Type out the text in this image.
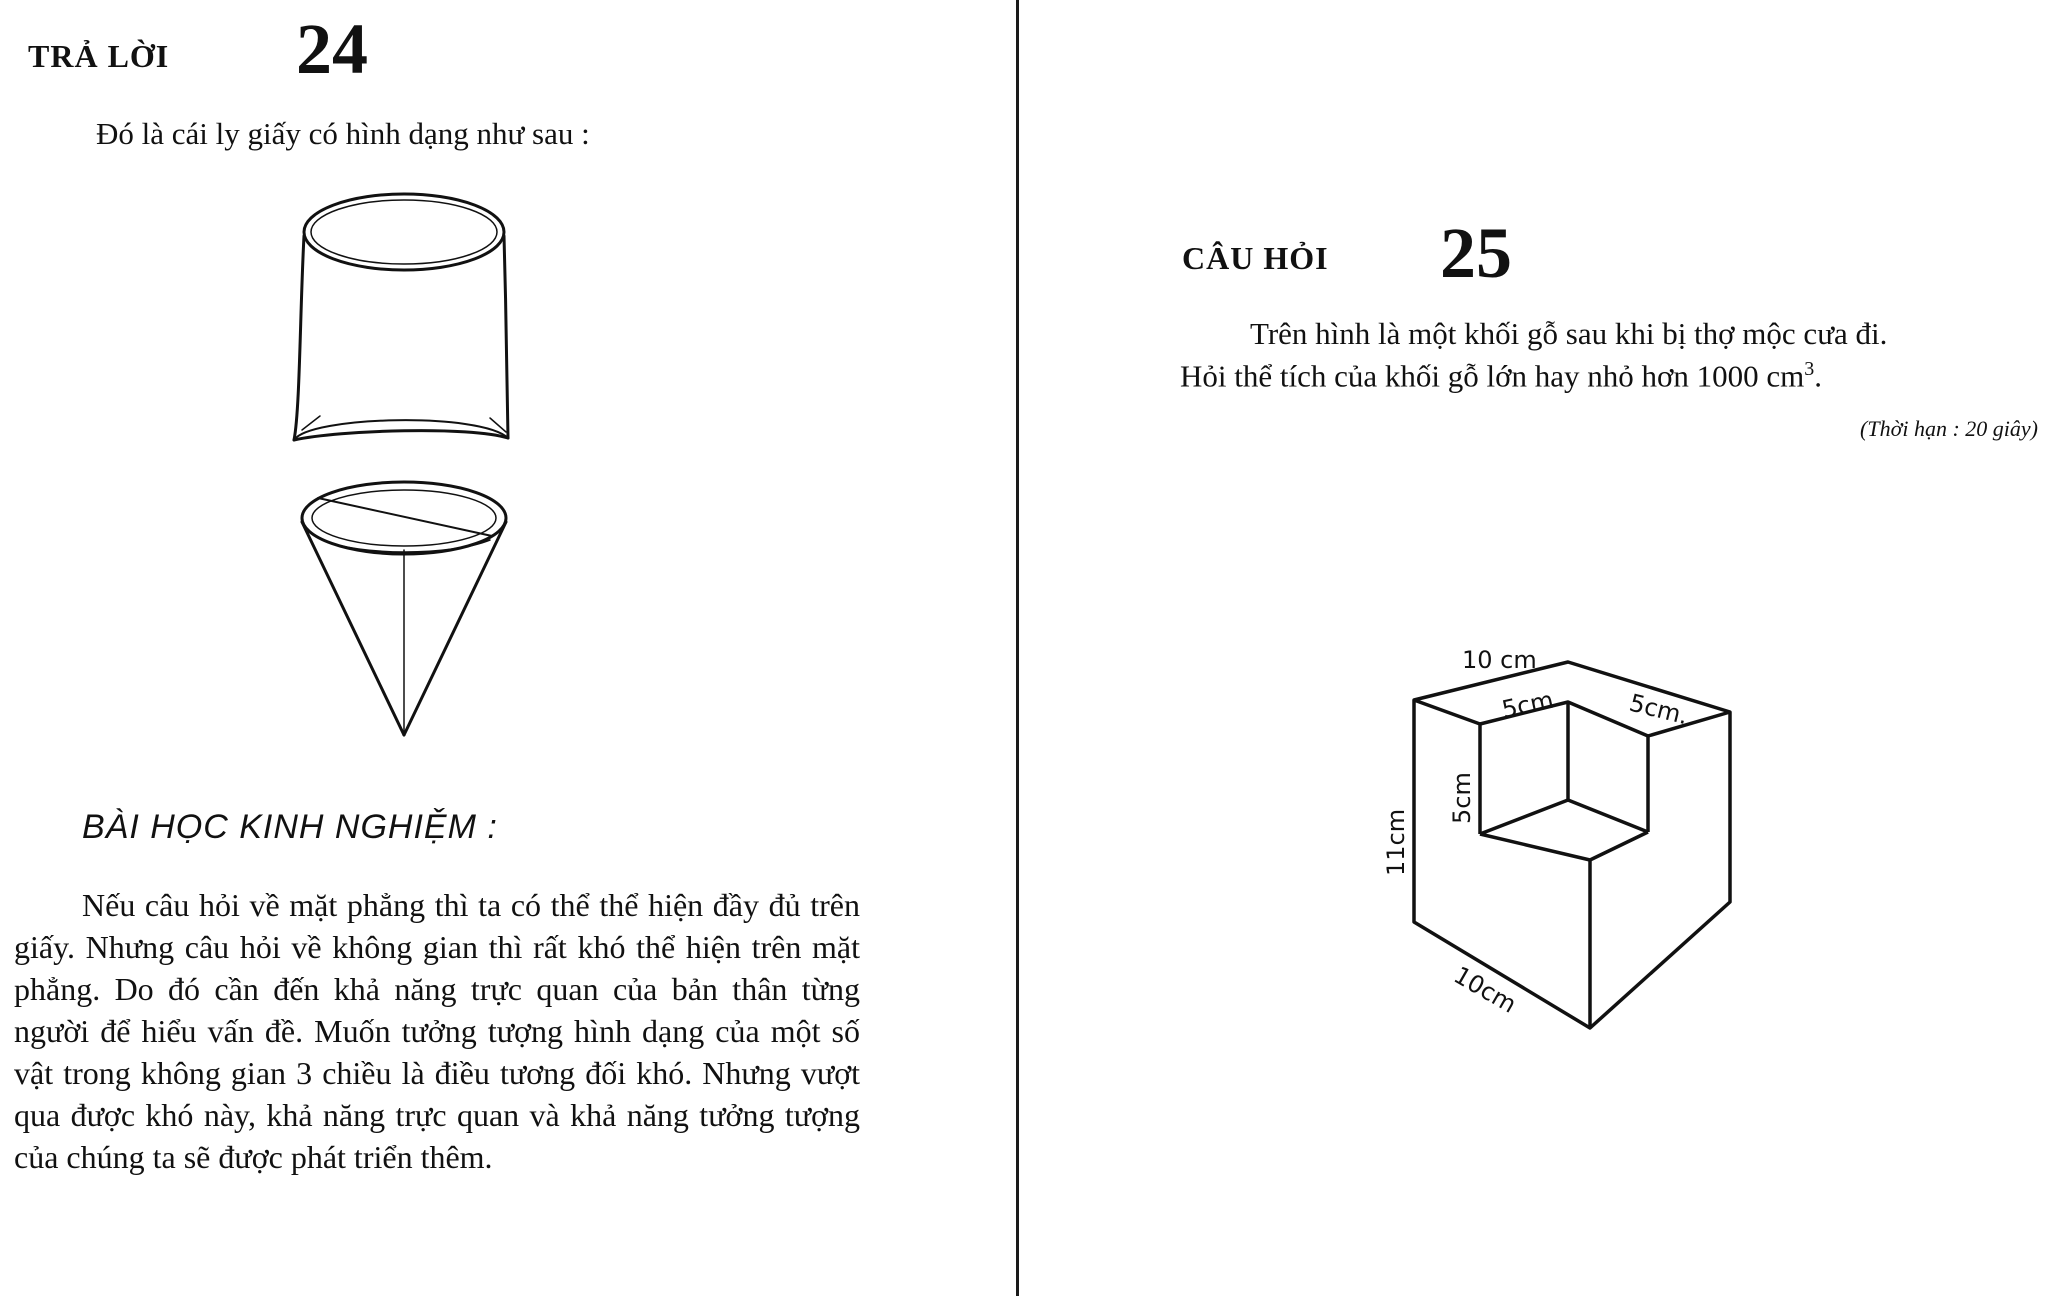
TRẢ LỜI 24
Đó là cái ly giấy có hình dạng như sau :
BÀI HỌC KINH NGHIỆM :
Nếu câu hỏi về mặt phẳng thì ta có thể thể hiện đầy đủ trên giấy. Nhưng câu hỏi về không gian thì rất khó thể hiện trên mặt phẳng. Do đó cần đến khả năng trực quan của bản thân từng người để hiểu vấn đề. Muốn tưởng tượng hình dạng của một số vật trong không gian 3 chiều là điều tương đối khó. Nhưng vượt qua được khó này, khả năng trực quan và khả năng tưởng tượng của chúng ta sẽ được phát triển thêm.
CÂU HỎI 25
Trên hình là một khối gỗ sau khi bị thợ mộc cưa đi.
Hỏi thể tích của khối gỗ lớn hay nhỏ hơn 1000 $cm^3$.
(Thời hạn : 20 giây)
10 cm
5cm	5cm.
5cm
11cm
10cm
